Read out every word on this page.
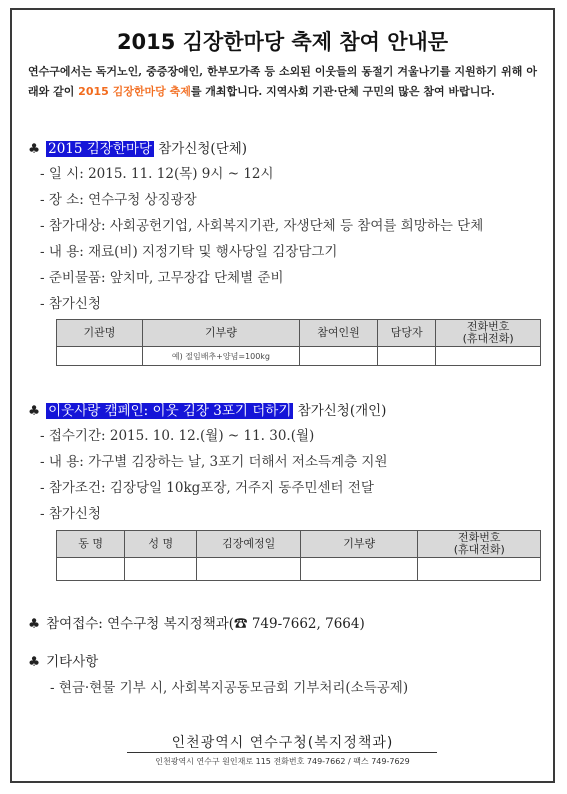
2015 김장한마당 축제 참여 안내문
연수구에서는 독거노인, 중증장애인, 한부모가족 등 소외된 이웃들의 동절기 겨울나기를 지원하기 위해 아래와 같이 2015 김장한마당 축제를 개최합니다. 지역사회 기관·단체 구민의 많은 참여 바랍니다.
♣ 2015 김장한마당 참가신청(단체)
- 일 시: 2015. 11. 12(목) 9시 ~ 12시
- 장 소: 연수구청 상징광장
- 참가대상: 사회공헌기업, 사회복지기관, 자생단체 등 참여를 희망하는 단체
- 내 용: 재료(비) 지정기탁 및 행사당일 김장담그기
- 준비물품: 앞치마, 고무장갑 단체별 준비
- 참가신청
기관명	기부량	참여인원	담당자	전화번호
(휴대전화)
	예) 절임배추+양념=100kg			
♣ 이웃사랑 캠페인: 이웃 김장 3포기 더하기 참가신청(개인)
- 접수기간: 2015. 10. 12.(월) ~ 11. 30.(월)
- 내 용: 가구별 김장하는 날, 3포기 더해서 저소득계층 지원
- 참가조건: 김장당일 10kg포장, 거주지 동주민센터 전달
- 참가신청
동 명	성 명	김장예정일	기부량	전화번호
(휴대전화)

♣ 참여접수: 연수구청 복지정책과(☎ 749-7662, 7664)
♣ 기타사항
- 현금·현물 기부 시, 사회복지공동모금회 기부처리(소득공제)
인천광역시 연수구청(복지정책과)
인천광역시 연수구 원인재로 115 전화번호 749-7662 / 팩스 749-7629
